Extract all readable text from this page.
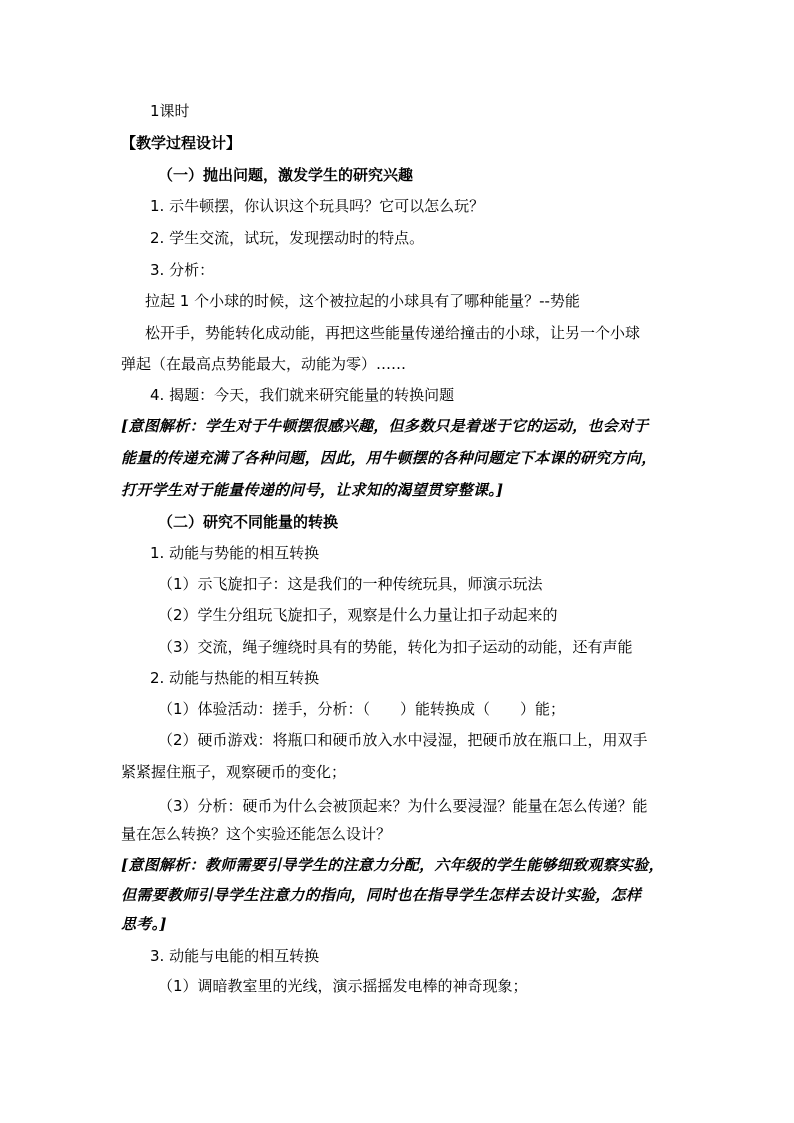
1课时
【教学过程设计】
（一）抛出问题，激发学生的研究兴趣
1. 示牛顿摆，你认识这个玩具吗？它可以怎么玩？
2. 学生交流，试玩，发现摆动时的特点。
3. 分析：
拉起 1 个小球的时候，这个被拉起的小球具有了哪种能量？--势能
松开手，势能转化成动能，再把这些能量传递给撞击的小球，让另一个小球
弹起（在最高点势能最大，动能为零）……
4. 揭题：今天，我们就来研究能量的转换问题
[意图解析：学生对于牛顿摆很感兴趣，但多数只是着迷于它的运动，也会对于
能量的传递充满了各种问题，因此，用牛顿摆的各种问题定下本课的研究方向，
打开学生对于能量传递的问号，让求知的渴望贯穿整课。]
（二）研究不同能量的转换
1. 动能与势能的相互转换
（1）示飞旋扣子：这是我们的一种传统玩具，师演示玩法
（2）学生分组玩飞旋扣子，观察是什么力量让扣子动起来的
（3）交流，绳子缠绕时具有的势能，转化为扣子运动的动能，还有声能
2. 动能与热能的相互转换
（1）体验活动：搓手，分析：（　　）能转换成（　　）能；
（2）硬币游戏：将瓶口和硬币放入水中浸湿，把硬币放在瓶口上，用双手
紧紧握住瓶子，观察硬币的变化；
（3）分析：硬币为什么会被顶起来？为什么要浸湿？能量在怎么传递？能
量在怎么转换？这个实验还能怎么设计？
[意图解析：教师需要引导学生的注意力分配，六年级的学生能够细致观察实验，
但需要教师引导学生注意力的指向，同时也在指导学生怎样去设计实验，怎样
思考。]
3. 动能与电能的相互转换
（1）调暗教室里的光线，演示摇摇发电棒的神奇现象；
